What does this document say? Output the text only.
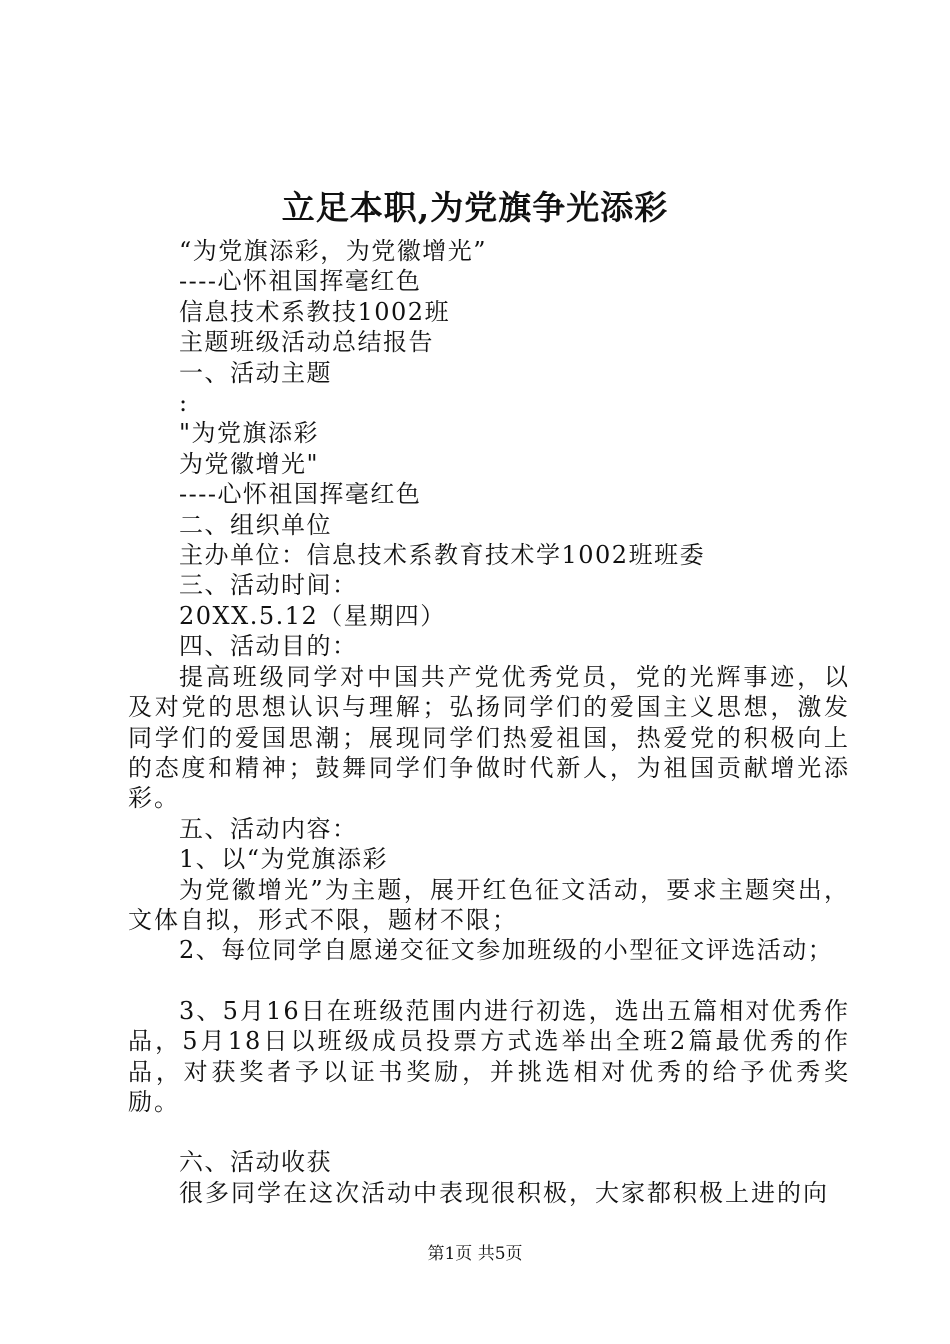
立足本职,为党旗争光添彩

“为党旗添彩，为党徽增光”

----心怀祖国挥毫红色

信息技术系教技1002班

主题班级活动总结报告

一、活动主题

:

"为党旗添彩

为党徽增光"

----心怀祖国挥毫红色

二、组织单位

主办单位：信息技术系教育技术学1002班班委

三、活动时间：

20XX.5.12（星期四）

四、活动目的：

提高班级同学对中国共产党优秀党员，党的光辉事迹，以及对党的思想认识与理解；弘扬同学们的爱国主义思想，激发同学们的爱国思潮；展现同学们热爱祖国，热爱党的积极向上的态度和精神；鼓舞同学们争做时代新人，为祖国贡献增光添彩。

五、活动内容：

1、以“为党旗添彩

为党徽增光”为主题，展开红色征文活动，要求主题突出，文体自拟，形式不限，题材不限；

2、每位同学自愿递交征文参加班级的小型征文评选活动；

3、5月16日在班级范围内进行初选，选出五篇相对优秀作品，5月18日以班级成员投票方式选举出全班2篇最优秀的作品，对获奖者予以证书奖励，并挑选相对优秀的给予优秀奖励。

六、活动收获

很多同学在这次活动中表现很积极，大家都积极上进的向

第1页 共5页
